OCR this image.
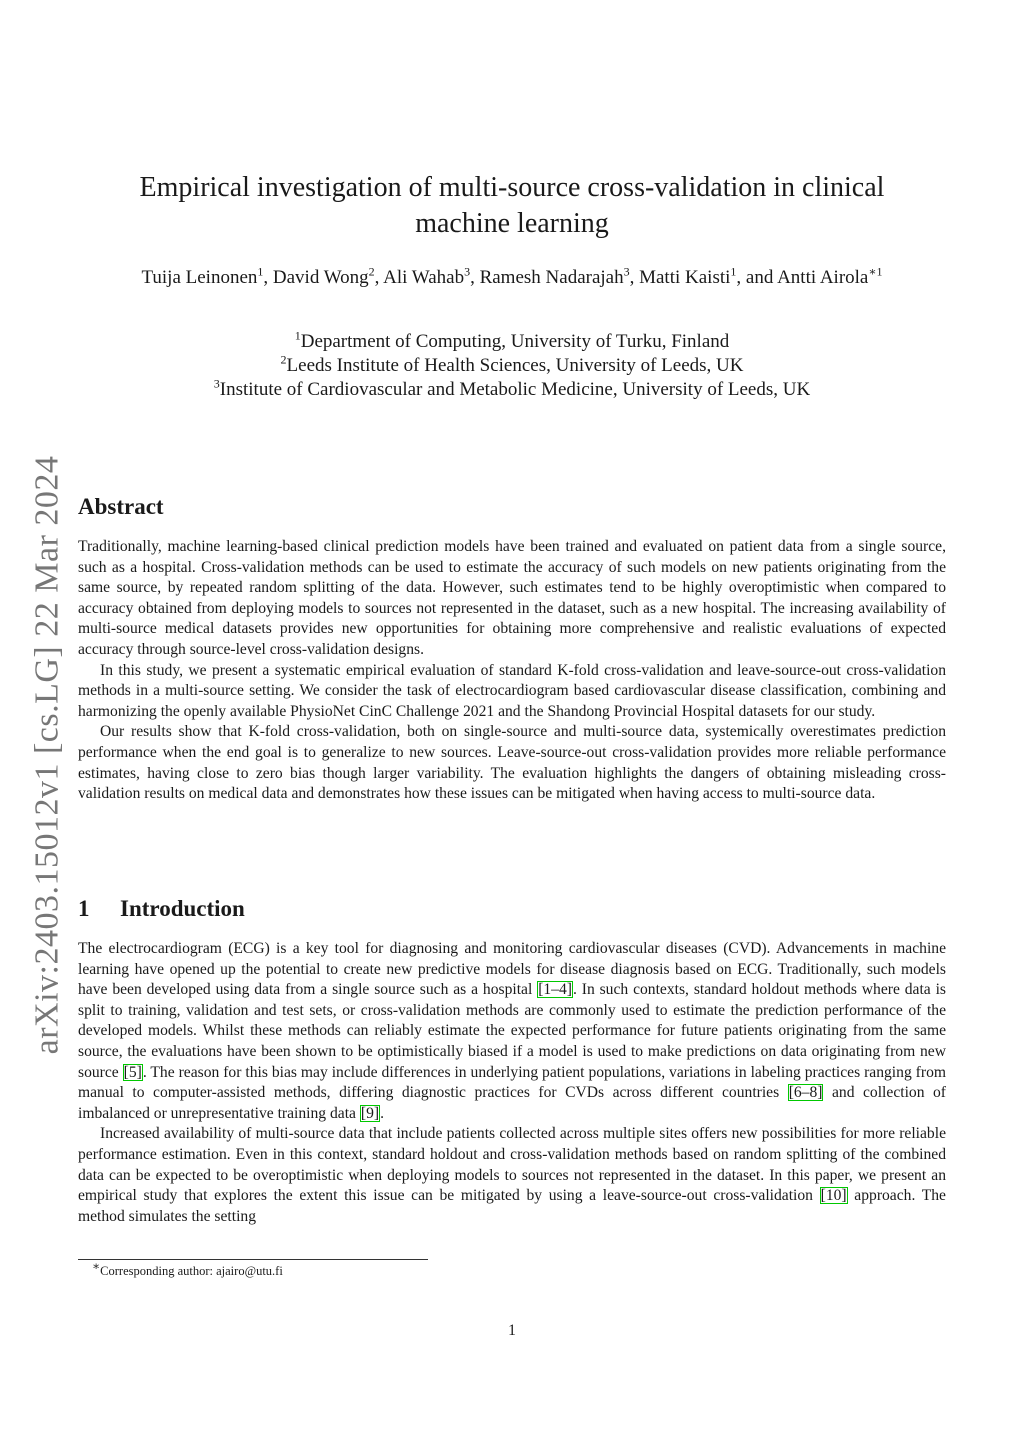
arXiv:2403.15012v1 [cs.LG] 22 Mar 2024
Empirical investigation of multi-source cross-validation in clinical machine learning
Tuija Leinonen$^1$, David Wong$^2$, Ali Wahab$^3$, Ramesh Nadarajah$^3$, Matti Kaisti$^1$, and Antti Airola$^{∗1}$
$^1$Department of Computing, University of Turku, Finland
$^2$Leeds Institute of Health Sciences, University of Leeds, UK
$^3$Institute of Cardiovascular and Metabolic Medicine, University of Leeds, UK
Abstract

Traditionally, machine learning-based clinical prediction models have been trained and evaluated on patient data from a single source, such as a hospital. Cross-validation methods can be used to estimate the accuracy of such models on new patients originating from the same source, by repeated random splitting of the data. However, such estimates tend to be highly overoptimistic when compared to accuracy obtained from deploying models to sources not represented in the dataset, such as a new hospital. The increasing availability of multi-source medical datasets provides new opportunities for obtaining more comprehensive and realistic evaluations of expected accuracy through source-level cross-validation designs.

In this study, we present a systematic empirical evaluation of standard K-fold cross-validation and leave-source-out cross-validation methods in a multi-source setting. We consider the task of electrocardiogram based cardiovascular disease classification, combining and harmonizing the openly available PhysioNet CinC Challenge 2021 and the Shandong Provincial Hospital datasets for our study.

Our results show that K-fold cross-validation, both on single-source and multi-source data, systemically overestimates prediction performance when the end goal is to generalize to new sources. Leave-source-out cross-validation provides more reliable performance estimates, having close to zero bias though larger variability. The evaluation highlights the dangers of obtaining misleading cross-validation results on medical data and demonstrates how these issues can be mitigated when having access to multi-source data.

1 Introduction

The electrocardiogram (ECG) is a key tool for diagnosing and monitoring cardiovascular diseases (CVD). Advancements in machine learning have opened up the potential to create new predictive models for disease diagnosis based on ECG. Traditionally, such models have been developed using data from a single source such as a hospital [1–4]. In such contexts, standard holdout methods where data is split to training, validation and test sets, or cross-validation methods are commonly used to estimate the prediction performance of the developed models. Whilst these methods can reliably estimate the expected performance for future patients originating from the same source, the evaluations have been shown to be optimistically biased if a model is used to make predictions on data originating from new source [5]. The reason for this bias may include differences in underlying patient populations, variations in labeling practices ranging from manual to computer-assisted methods, differing diagnostic practices for CVDs across different countries [6–8] and collection of imbalanced or unrepresentative training data [9].

Increased availability of multi-source data that include patients collected across multiple sites offers new possibilities for more reliable performance estimation. Even in this context, standard holdout and cross-validation methods based on random splitting of the combined data can be expected to be overoptimistic when deploying models to sources not represented in the dataset. In this paper, we present an empirical study that explores the extent this issue can be mitigated by using a leave-source-out cross-validation [10] approach. The method simulates the setting

∗Corresponding author: ajairo@utu.fi
1
